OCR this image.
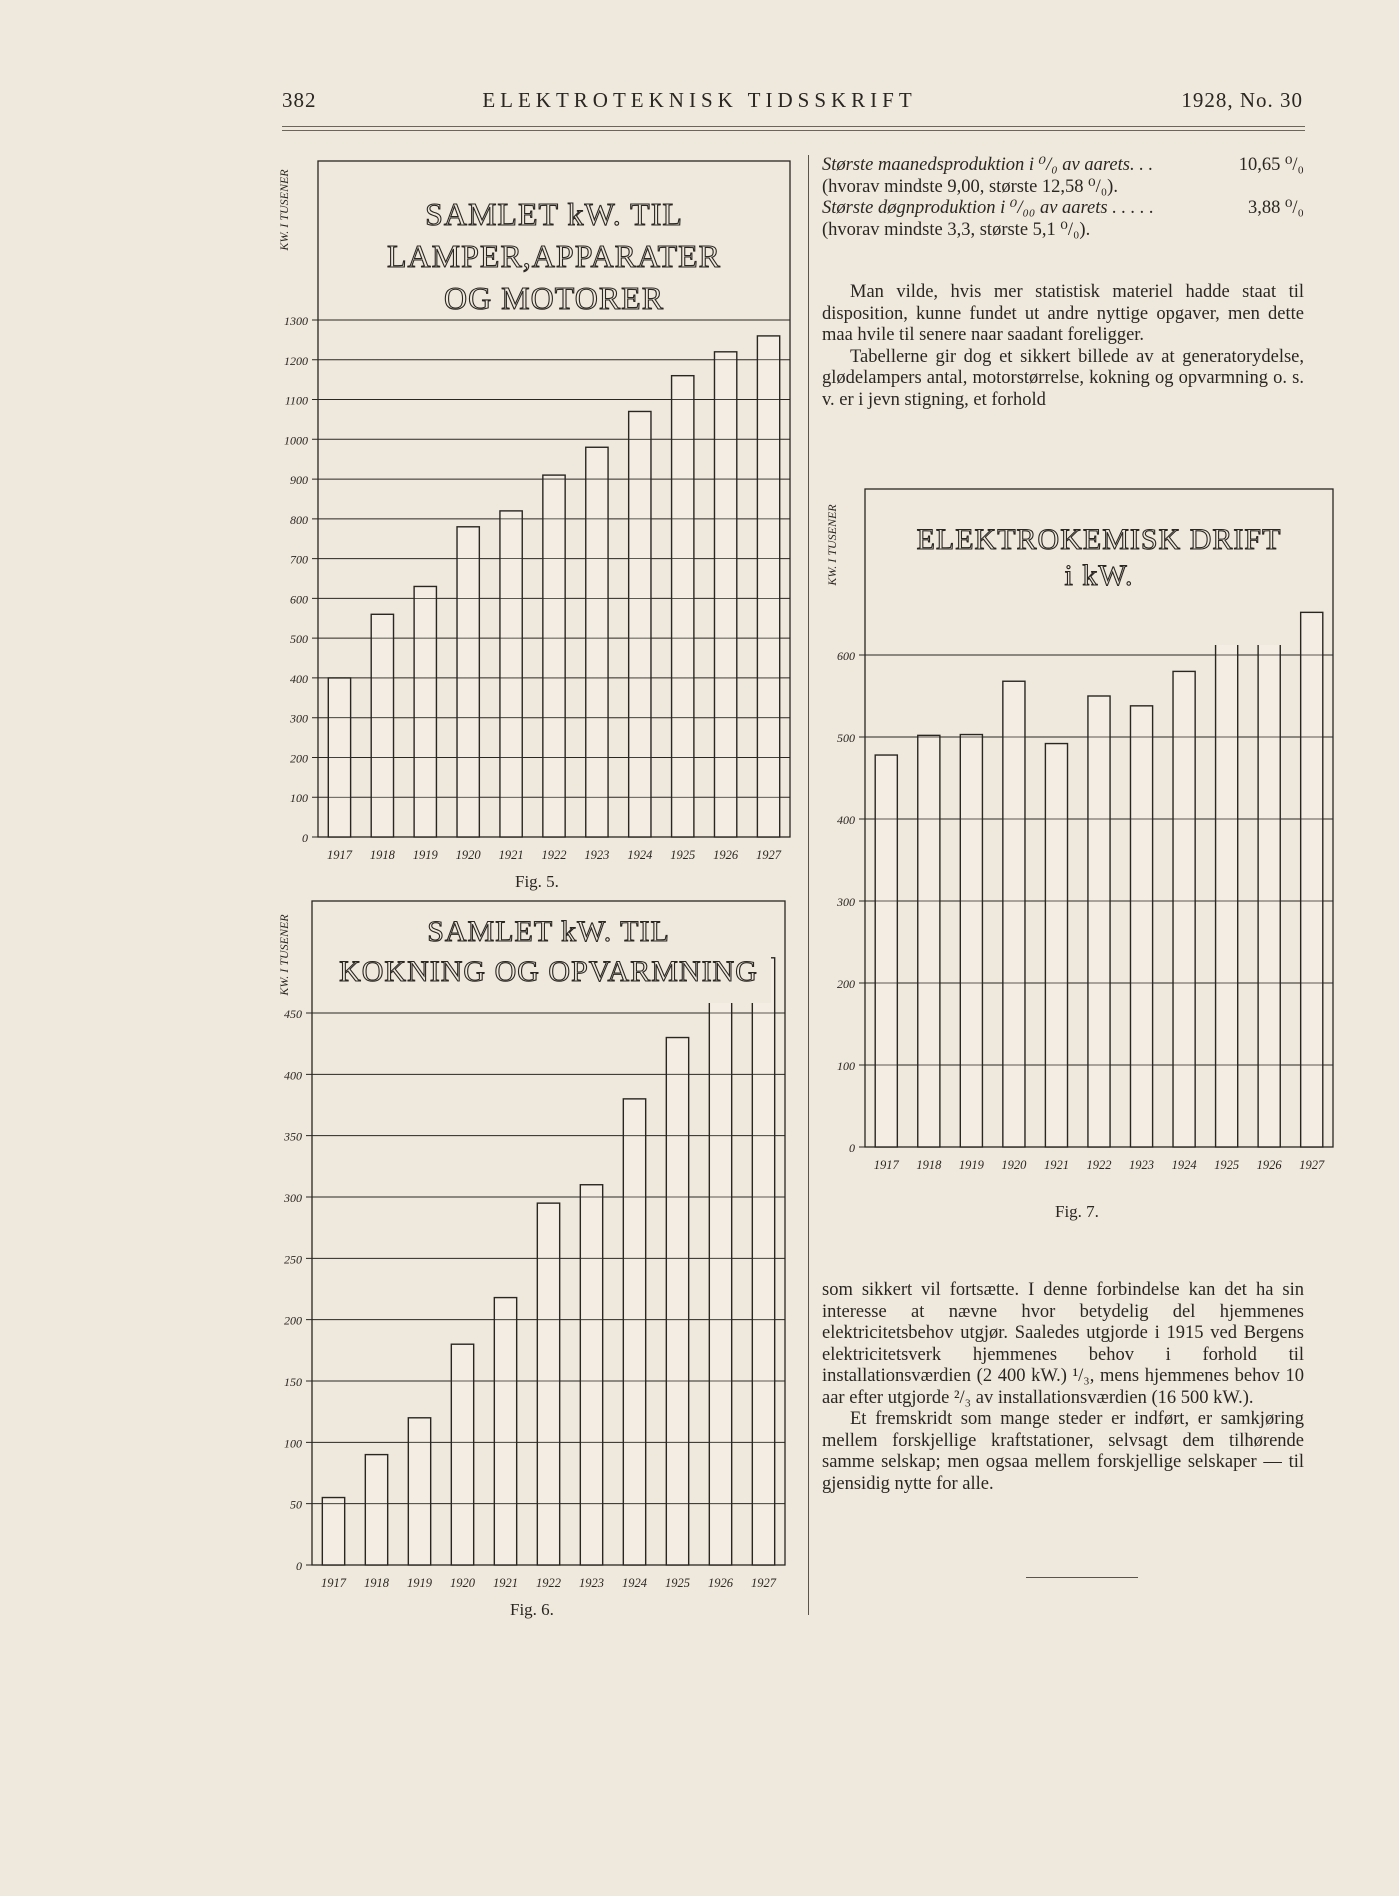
382	ELEKTROTEKNISK TIDSSKRIFT	1928, No. 30
Største maanedsproduktion i ⁰/₀ av aarets. . .	10,65 ⁰/₀

(hvorav mindste 9,00, største 12,58 ⁰/₀).

Største døgnproduktion i ⁰/₀₀ av aarets . . . . .	3,88 ⁰/₀

(hvorav mindste 3,3, største 5,1 ⁰/₀).

Man vilde, hvis mer statistisk materiel hadde staat til disposition, kunne fundet ut andre nyttige opgaver, men dette maa hvile til senere naar saadant foreligger.

Tabellerne gir dog et sikkert billede av at generatorydelse, glødelampers antal, motorstørrelse, kokning og opvarmning o. s. v. er i jevn stigning, et forhold

som sikkert vil fortsætte. I denne forbindelse kan det ha sin interesse at nævne hvor betydelig del hjemmenes elektricitetsbehov utgjør. Saaledes utgjorde i 1915 ved Bergens elektricitetsverk hjemmenes behov i forhold til installationsværdien (2 400 kW.) ¹/₃, mens hjemmenes behov 10 aar efter utgjorde ²/₃ av installationsværdien (16 500 kW.).

Et fremskridt som mange steder er indført, er samkjøring mellem forskjellige kraftstationer, selvsagt dem tilhørende samme selskap; men ogsaa mellem forskjellige selskaper — til gjensidig nytte for alle.

0
100
200
300
400
500
600
700
800
900
1000
1100
1200
1300
1917 1918 1919 1920 1921 1922 1923 1924 1925 1926 1927
SAMLET kW. TIL
LAMPER,APPARATER
OG MOTORER
KW. I TUSENER
Fig. 5.
0
50
100
150
200
250
300
350
400
450
1917 1918 1919 1920 1921 1922 1923 1924 1925 1926 1927
SAMLET kW. TIL
KOKNING OG OPVARMNING
KW. I TUSENER
Fig. 6.
0
100
200
300
400
500
600
1917 1918 1919 1920 1921 1922 1923 1924 1925 1926 1927
ELEKTROKEMISK DRIFT
i kW.
KW. I TUSENER
Fig. 7.
